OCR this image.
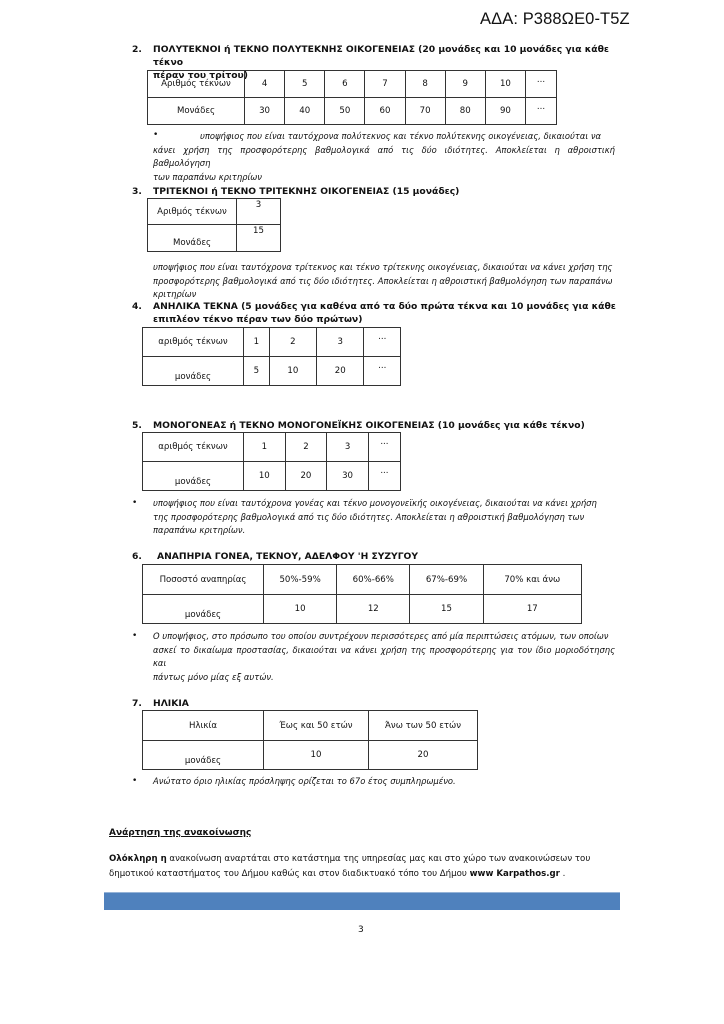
ΑΔΑ: Ρ388ΩΕ0-Τ5Ζ
2. ΠΟΛΥΤΕΚΝΟΙ ή ΤΕΚΝΟ ΠΟΛΥΤΕΚΝΗΣ ΟΙΚΟΓΕΝΕΙΑΣ (20 μονάδες και 10 μονάδες για κάθε τέκνο
πέραν του τρίτου)
Αριθμός τέκνων	4	5	6	7	8	9	10	...
Μονάδες	30	40	50	60	70	80	90	...
•	υποψήφιος που είναι ταυτόχρονα πολύτεκνος και τέκνο πολύτεκνης οικογένειας, δικαιούται να
κάνει χρήση της προσφορότερης βαθμολογικά από τις δύο ιδιότητες. Αποκλείεται η αθροιστική βαθμολόγηση
των παραπάνω κριτηρίων
3. ΤΡΙΤΕΚΝΟΙ ή ΤΕΚΝΟ ΤΡΙΤΕΚΝΗΣ ΟΙΚΟΓΕΝΕΙΑΣ (15 μονάδες)
Αριθμός τέκνων	3
Μονάδες	15
υποψήφιος που είναι ταυτόχρονα τρίτεκνος και τέκνο τρίτεκνης οικογένειας, δικαιούται να κάνει χρήση της
προσφορότερης βαθμολογικά από τις δύο ιδιότητες. Αποκλείεται η αθροιστική βαθμολόγηση των παραπάνω
κριτηρίων
4. ΑΝΗΛΙΚΑ ΤΕΚΝΑ (5 μονάδες για καθένα από τα δύο πρώτα τέκνα και 10 μονάδες για κάθε
επιπλέον τέκνο πέραν των δύο πρώτων)
αριθμός τέκνων	1	2	3	...
μονάδες	5	10	20	...
5. ΜΟΝΟΓΟΝΕΑΣ ή ΤΕΚΝΟ ΜΟΝΟΓΟΝΕΪΚΗΣ ΟΙΚΟΓΕΝΕΙΑΣ (10 μονάδες για κάθε τέκνο)
αριθμός τέκνων	1	2	3	...
μονάδες	10	20	30	...
• υποψήφιος που είναι ταυτόχρονα γονέας και τέκνο μονογονεϊκής οικογένειας, δικαιούται να κάνει χρήση
της προσφορότερης βαθμολογικά από τις δύο ιδιότητες. Αποκλείεται η αθροιστική βαθμολόγηση των
παραπάνω κριτηρίων.
6. ΑΝΑΠΗΡΙΑ ΓΟΝΕΑ, ΤΕΚΝΟΥ, ΑΔΕΛΦΟΥ 'Η ΣΥΖΥΓΟΥ
Ποσοστό αναπηρίας	50%-59%	60%-66%	67%-69%	70% και άνω
μονάδες	10	12	15	17
• Ο υποψήφιος, στο πρόσωπο του οποίου συντρέχουν περισσότερες από μία περιπτώσεις ατόμων, των οποίων
ασκεί το δικαίωμα προστασίας, δικαιούται να κάνει χρήση της προσφορότερης για τον ίδιο μοριοδότησης και
πάντως μόνο μίας εξ αυτών.
7. ΗΛΙΚΙΑ
Ηλικία	Έως και 50 ετών	Άνω των 50 ετών
μονάδες	10	20
• Ανώτατο όριο ηλικίας πρόσληψης ορίζεται το 67ο έτος συμπληρωμένο.
Ανάρτηση της ανακοίνωσης
Ολόκληρη η ανακοίνωση αναρτάται στο κατάστημα της υπηρεσίας μας και στο χώρο των ανακοινώσεων του
δημοτικού καταστήματος του Δήμου καθώς και στον διαδικτυακό τόπο του Δήμου www Karpathos.gr .
3
